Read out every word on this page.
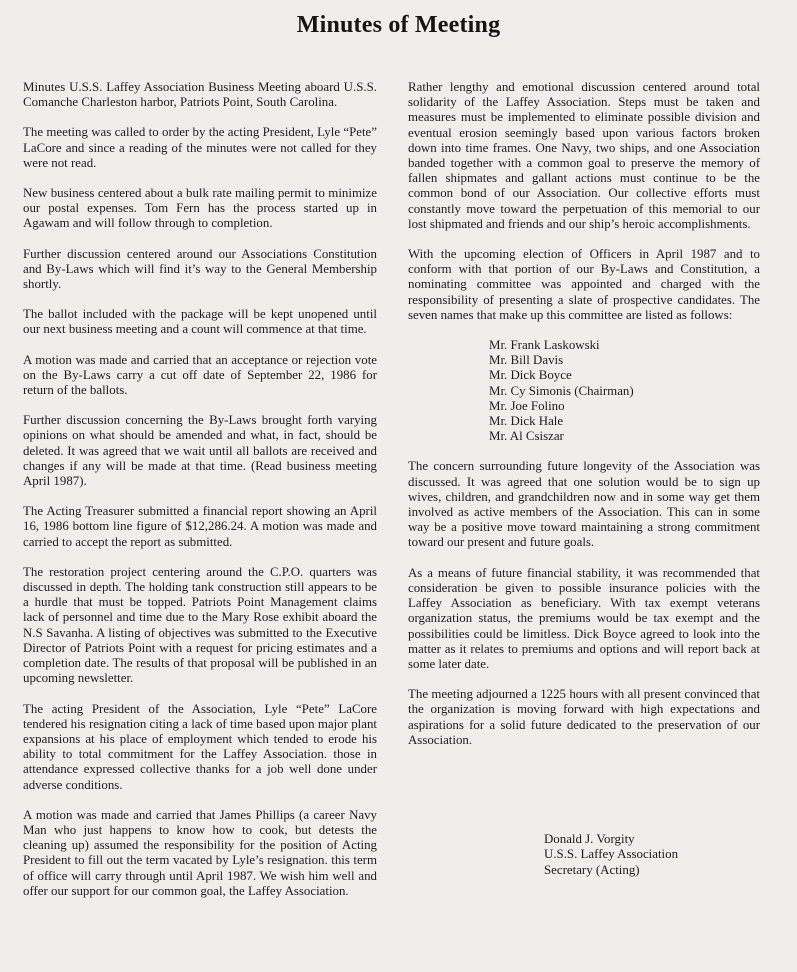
Minutes of Meeting

Minutes U.S.S. Laffey Association Business Meeting aboard U.S.S. Comanche Charleston harbor, Patriots Point, South Carolina.

The meeting was called to order by the acting President, Lyle “Pete” LaCore and since a reading of the minutes were not called for they were not read.

New business centered about a bulk rate mailing permit to minimize our postal expenses. Tom Fern has the process started up in Agawam and will follow through to completion.

Further discussion centered around our Associations Constitution and By-Laws which will find it’s way to the General Membership shortly.

The ballot included with the package will be kept unopened until our next business meeting and a count will commence at that time.

A motion was made and carried that an acceptance or rejection vote on the By-Laws carry a cut off date of September 22, 1986 for return of the ballots.

Further discussion concerning the By-Laws brought forth varying opinions on what should be amended and what, in fact, should be deleted. It was agreed that we wait until all ballots are received and changes if any will be made at that time. (Read business meeting April 1987).

The Acting Treasurer submitted a financial report showing an April 16, 1986 bottom line figure of $12,286.24. A motion was made and carried to accept the report as submitted.

The restoration project centering around the C.P.O. quarters was discussed in depth. The holding tank construction still appears to be a hurdle that must be topped. Patriots Point Management claims lack of personnel and time due to the Mary Rose exhibit aboard the N.S Savanha. A listing of objectives was submitted to the Executive Director of Patriots Point with a request for pricing estimates and a completion date. The results of that proposal will be published in an upcoming newsletter.

The acting President of the Association, Lyle “Pete” LaCore tendered his resignation citing a lack of time based upon major plant expansions at his place of employment which tended to erode his ability to total commitment for the Laffey Association. those in attendance expressed collective thanks for a job well done under adverse conditions.

A motion was made and carried that James Phillips (a career Navy Man who just happens to know how to cook, but detests the cleaning up) assumed the responsibility for the position of Acting President to fill out the term vacated by Lyle’s resignation. this term of office will carry through until April 1987. We wish him well and offer our support for our common goal, the Laffey Association.

Rather lengthy and emotional discussion centered around total solidarity of the Laffey Association. Steps must be taken and measures must be implemented to eliminate possible division and eventual erosion seemingly based upon various factors broken down into time frames. One Navy, two ships, and one Association banded together with a common goal to preserve the memory of fallen shipmates and gallant actions must continue to be the common bond of our Association. Our collective efforts must constantly move toward the perpetuation of this memorial to our lost shipmated and friends and our ship’s heroic accomplishments.

With the upcoming election of Officers in April 1987 and to conform with that portion of our By-Laws and Constitution, a nominating committee was appointed and charged with the responsibility of presenting a slate of prospective candidates. The seven names that make up this committee are listed as follows:

Mr. Frank Laskowski
Mr. Bill Davis
Mr. Dick Boyce
Mr. Cy Simonis (Chairman)
Mr. Joe Folino
Mr. Dick Hale
Mr. Al Csiszar

The concern surrounding future longevity of the Association was discussed. It was agreed that one solution would be to sign up wives, children, and grandchildren now and in some way get them involved as active members of the Association. This can in some way be a positive move toward maintaining a strong commitment toward our present and future goals.

As a means of future financial stability, it was recommended that consideration be given to possible insurance policies with the Laffey Association as beneficiary. With tax exempt veterans organization status, the premiums would be tax exempt and the possibilities could be limitless. Dick Boyce agreed to look into the matter as it relates to premiums and options and will report back at some later date.

The meeting adjourned a 1225 hours with all present convinced that the organization is moving forward with high expectations and aspirations for a solid future dedicated to the preservation of our Association.

Donald J. Vorgity
U.S.S. Laffey Association
Secretary (Acting)
